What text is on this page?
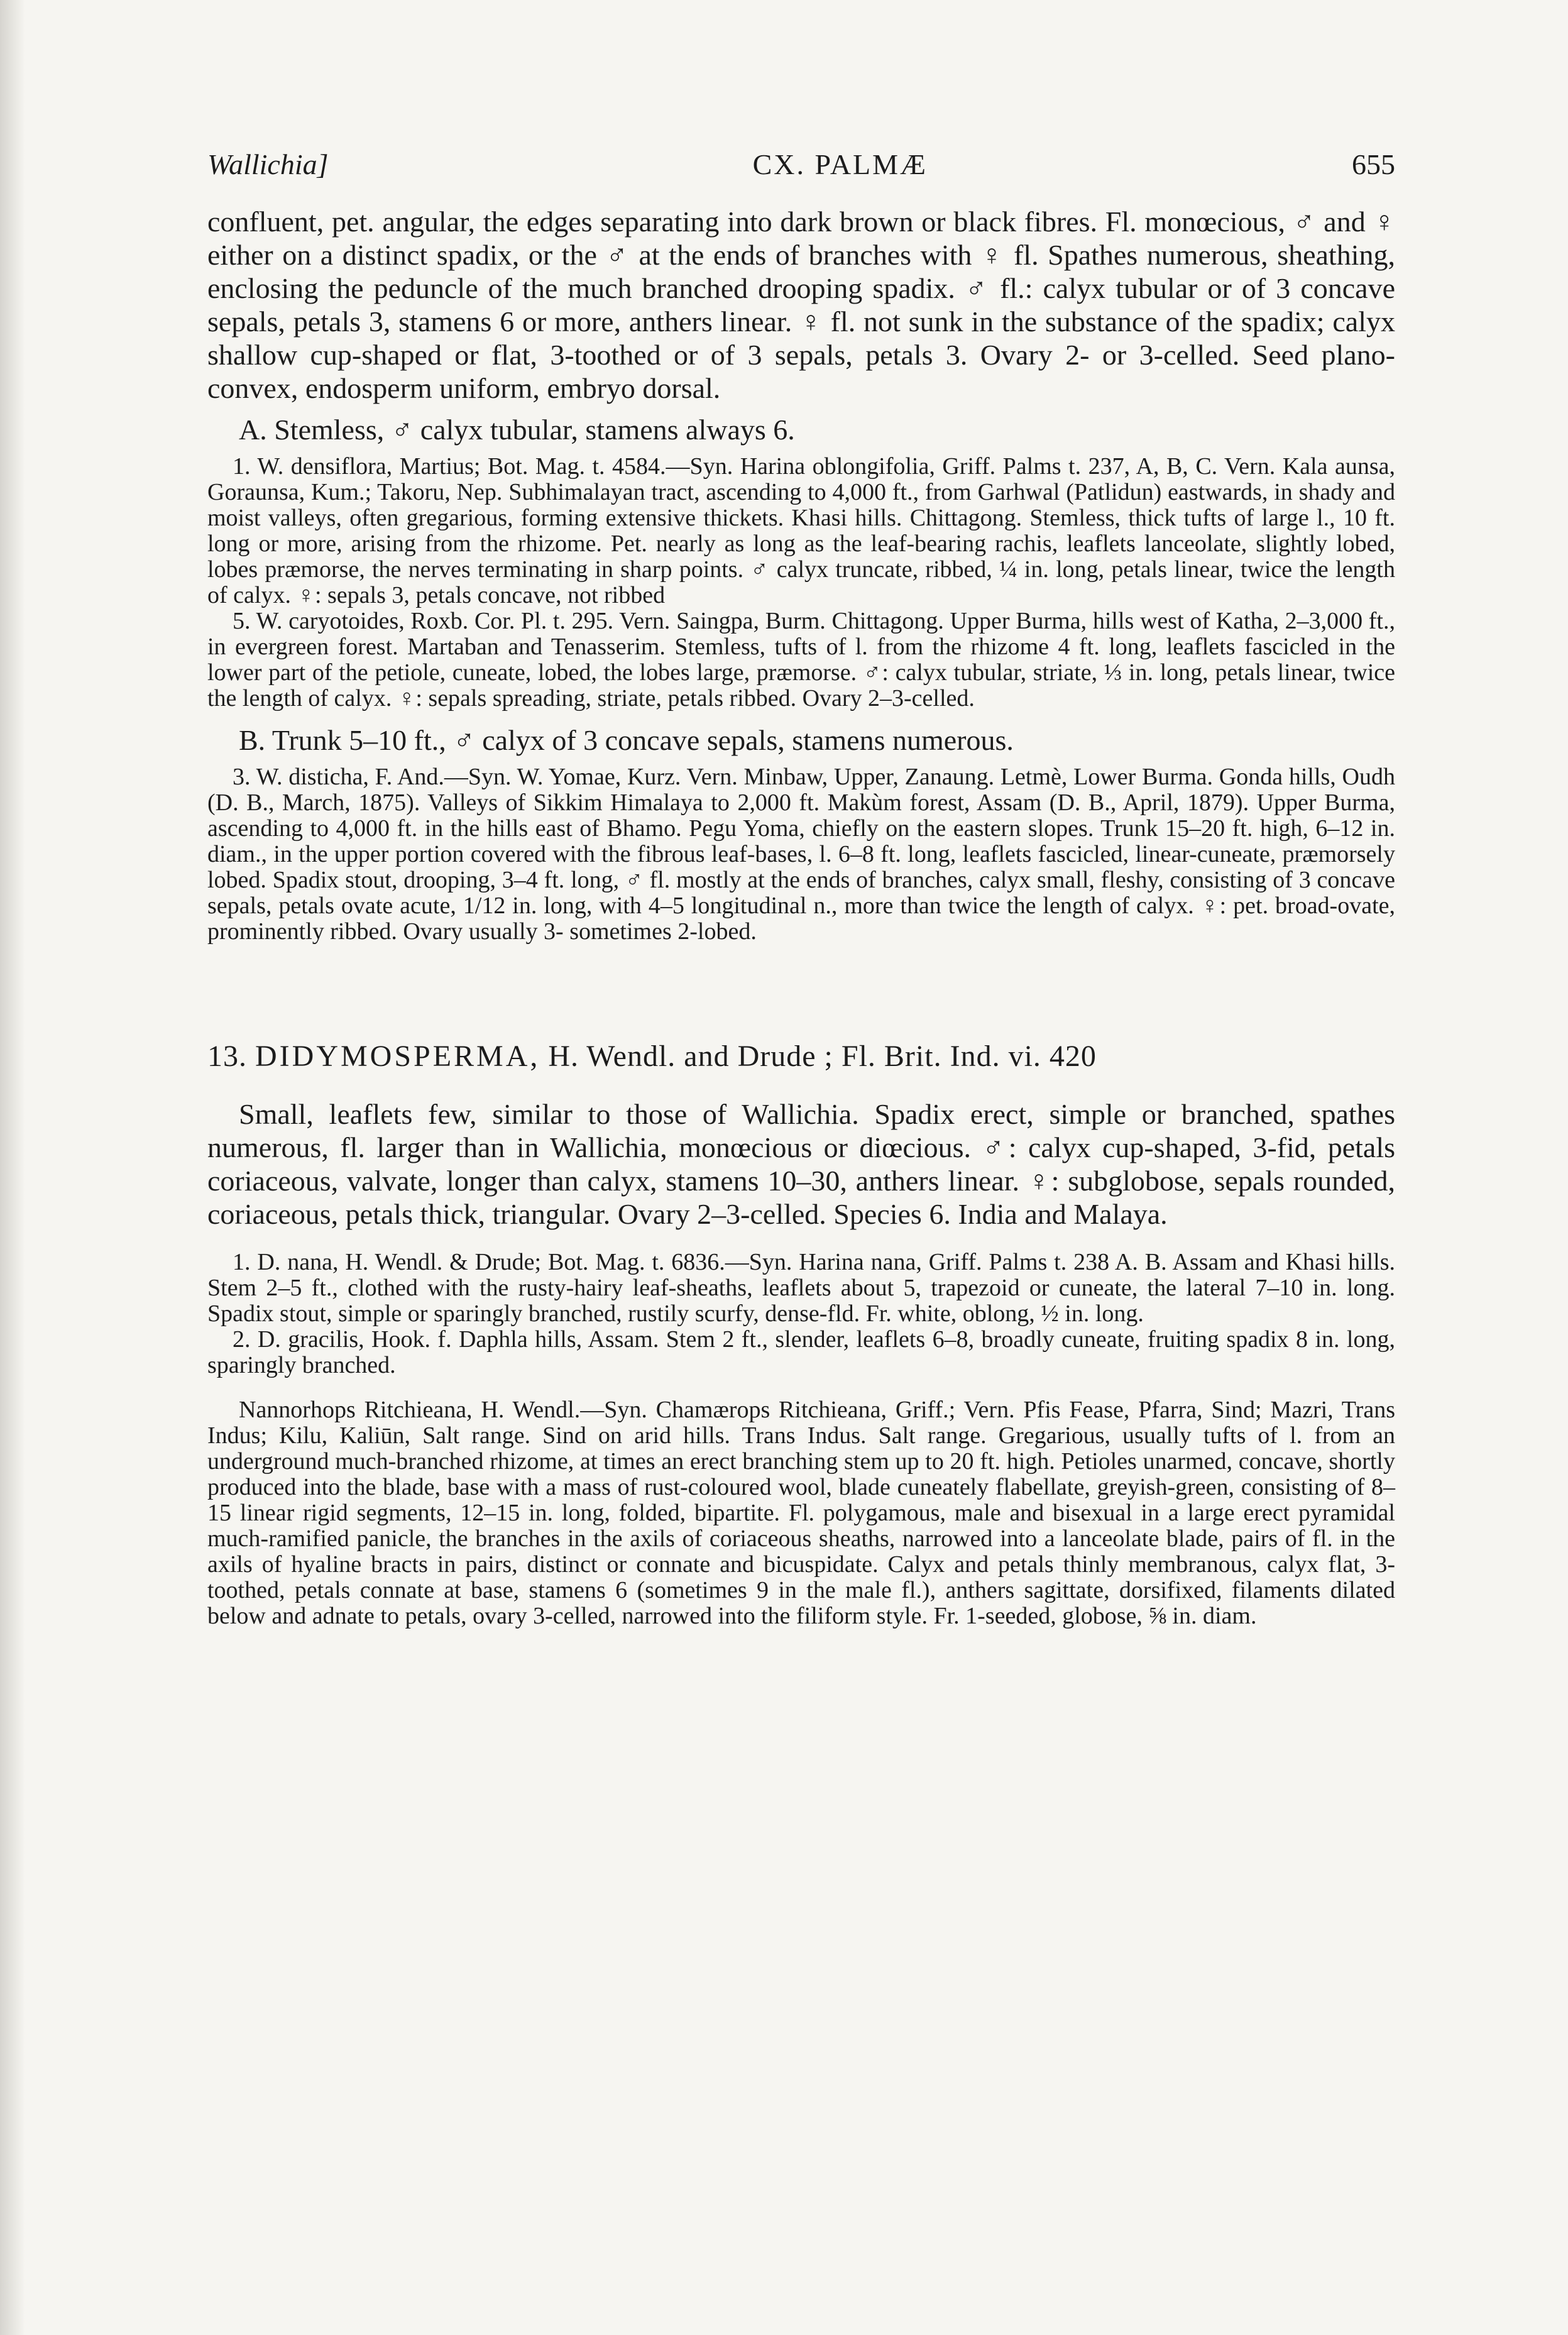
Wallichia]	CX. PALMÆ	655

confluent, pet. angular, the edges separating into dark brown or black fibres. Fl. monœcious, ♂ and ♀ either on a distinct spadix, or the ♂ at the ends of branches with ♀ fl. Spathes numerous, sheathing, enclosing the peduncle of the much branched drooping spadix. ♂ fl.: calyx tubular or of 3 concave sepals, petals 3, stamens 6 or more, anthers linear. ♀ fl. not sunk in the substance of the spadix; calyx shallow cup-shaped or flat, 3-toothed or of 3 sepals, petals 3. Ovary 2- or 3-celled. Seed plano-convex, endosperm uniform, embryo dorsal.

A. Stemless, ♂ calyx tubular, stamens always 6.

1. W. densiflora, Martius; Bot. Mag. t. 4584.—Syn. Harina oblongifolia, Griff. Palms t. 237, A, B, C. Vern. Kala aunsa, Goraunsa, Kum.; Takoru, Nep. Subhimalayan tract, ascending to 4,000 ft., from Garhwal (Patlidun) eastwards, in shady and moist valleys, often gregarious, forming extensive thickets. Khasi hills. Chittagong. Stemless, thick tufts of large l., 10 ft. long or more, arising from the rhizome. Pet. nearly as long as the leaf-bearing rachis, leaflets lanceolate, slightly lobed, lobes præmorse, the nerves terminating in sharp points. ♂ calyx truncate, ribbed, ¼ in. long, petals linear, twice the length of calyx. ♀: sepals 3, petals concave, not ribbed

5. W. caryotoides, Roxb. Cor. Pl. t. 295. Vern. Saingpa, Burm. Chittagong. Upper Burma, hills west of Katha, 2–3,000 ft., in evergreen forest. Martaban and Tenasserim. Stemless, tufts of l. from the rhizome 4 ft. long, leaflets fascicled in the lower part of the petiole, cuneate, lobed, the lobes large, præmorse. ♂: calyx tubular, striate, ⅓ in. long, petals linear, twice the length of calyx. ♀: sepals spreading, striate, petals ribbed. Ovary 2–3-celled.

B. Trunk 5–10 ft., ♂ calyx of 3 concave sepals, stamens numerous.

3. W. disticha, F. And.—Syn. W. Yomae, Kurz. Vern. Minbaw, Upper, Zanaung. Letmè, Lower Burma. Gonda hills, Oudh (D. B., March, 1875). Valleys of Sikkim Himalaya to 2,000 ft. Makùm forest, Assam (D. B., April, 1879). Upper Burma, ascending to 4,000 ft. in the hills east of Bhamo. Pegu Yoma, chiefly on the eastern slopes. Trunk 15–20 ft. high, 6–12 in. diam., in the upper portion covered with the fibrous leaf-bases, l. 6–8 ft. long, leaflets fascicled, linear-cuneate, præmorsely lobed. Spadix stout, drooping, 3–4 ft. long, ♂ fl. mostly at the ends of branches, calyx small, fleshy, consisting of 3 concave sepals, petals ovate acute, 1/12 in. long, with 4–5 longitudinal n., more than twice the length of calyx. ♀: pet. broad-ovate, prominently ribbed. Ovary usually 3- sometimes 2-lobed.

13. DIDYMOSPERMA, H. Wendl. and Drude ; Fl. Brit. Ind. vi. 420

Small, leaflets few, similar to those of Wallichia. Spadix erect, simple or branched, spathes numerous, fl. larger than in Wallichia, monœcious or diœcious. ♂: calyx cup-shaped, 3-fid, petals coriaceous, valvate, longer than calyx, stamens 10–30, anthers linear. ♀: subglobose, sepals rounded, coriaceous, petals thick, triangular. Ovary 2–3-celled. Species 6. India and Malaya.

1. D. nana, H. Wendl. & Drude; Bot. Mag. t. 6836.—Syn. Harina nana, Griff. Palms t. 238 A. B. Assam and Khasi hills. Stem 2–5 ft., clothed with the rusty-hairy leaf-sheaths, leaflets about 5, trapezoid or cuneate, the lateral 7–10 in. long. Spadix stout, simple or sparingly branched, rustily scurfy, dense-fld. Fr. white, oblong, ½ in. long.

2. D. gracilis, Hook. f. Daphla hills, Assam. Stem 2 ft., slender, leaflets 6–8, broadly cuneate, fruiting spadix 8 in. long, sparingly branched.

Nannorhops Ritchieana, H. Wendl.—Syn. Chamærops Ritchieana, Griff.; Vern. Pfis Fease, Pfarra, Sind; Mazri, Trans Indus; Kilu, Kaliūn, Salt range. Sind on arid hills. Trans Indus. Salt range. Gregarious, usually tufts of l. from an underground much-branched rhizome, at times an erect branching stem up to 20 ft. high. Petioles unarmed, concave, shortly produced into the blade, base with a mass of rust-coloured wool, blade cuneately flabellate, greyish-green, consisting of 8–15 linear rigid segments, 12–15 in. long, folded, bipartite. Fl. polygamous, male and bisexual in a large erect pyramidal much-ramified panicle, the branches in the axils of coriaceous sheaths, narrowed into a lanceolate blade, pairs of fl. in the axils of hyaline bracts in pairs, distinct or connate and bicuspidate. Calyx and petals thinly membranous, calyx flat, 3-toothed, petals connate at base, stamens 6 (sometimes 9 in the male fl.), anthers sagittate, dorsifixed, filaments dilated below and adnate to petals, ovary 3-celled, narrowed into the filiform style. Fr. 1-seeded, globose, ⅝ in. diam.
